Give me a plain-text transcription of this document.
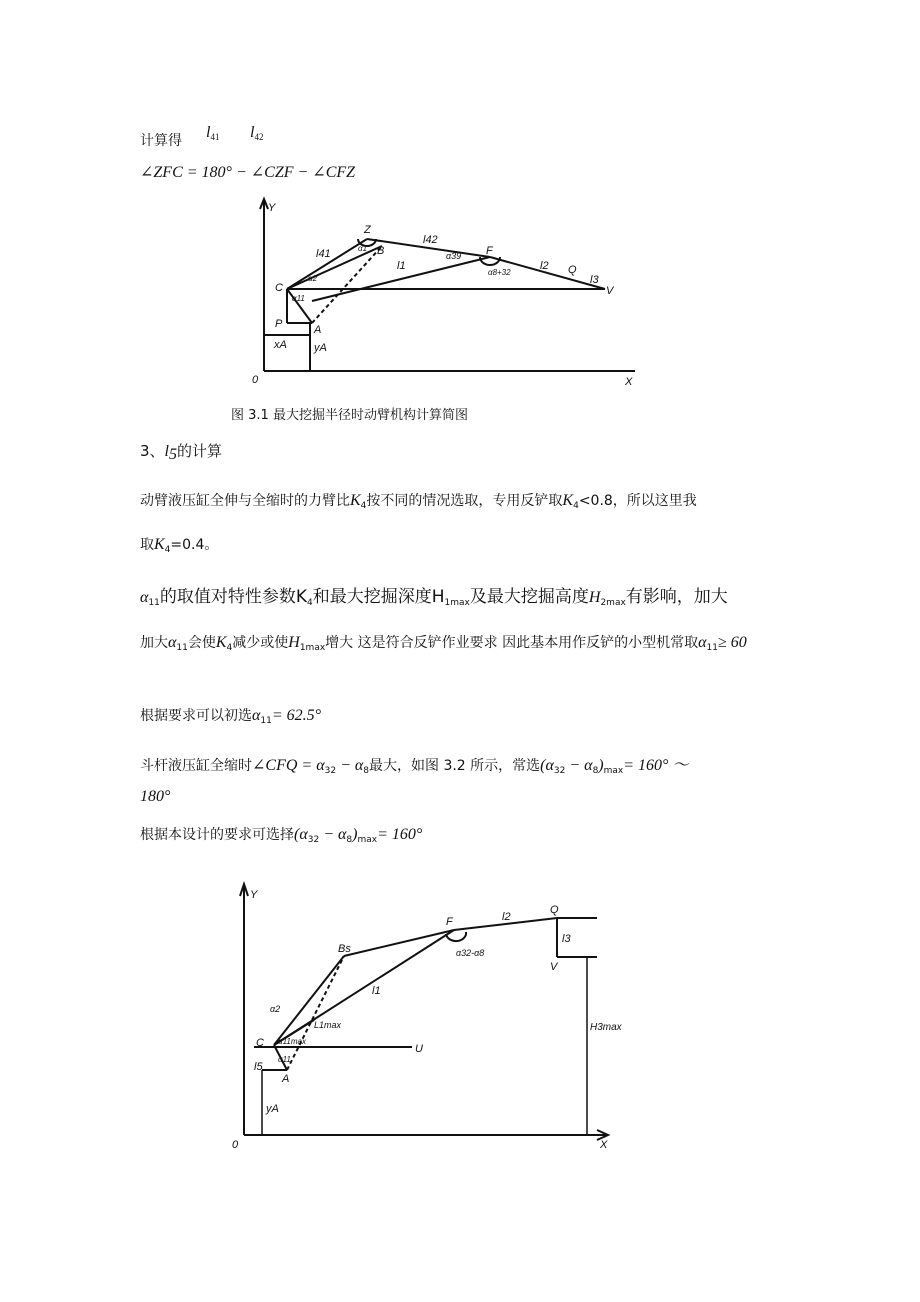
计算得 $l_{41}$ $l_{42}$
∠ZFC = 180° − ∠CZF − ∠CFZ
Y
0	X
Z
B	F
Q
V
C
P	A
l41
l42
l1	l2
l3
α1
α2
α11
α39
α8+32
xA yA
图 3.1 最大挖掘半径时动臂机构计算简图
3、$l_5$的计算
动臂液压缸全伸与全缩时的力臂比$K_4$按不同的情况选取，专用反铲取$K_4<0.8$，所以这里我
取$K_4=0.4$。
$\alpha_{11}$的取值对特性参数$K_4$和最大挖掘深度$H_{1max}$及最大挖掘高度$H_{2max}$有影响，加大
加大$\alpha_{11}$会使$K_4$减少或使$H_{1max}$增大 这是符合反铲作业要求 因此基本用作反铲的小型机常取$\alpha_{11}\ge 60$
根据要求可以初选$\alpha_{11}= 62.5^\circ$
斗杆液压缸全缩时∠CFQ = $\alpha_{32} - \alpha_8$最大，如图 3.2 所示，常选$(\alpha_{32} - \alpha_8)_{max}= 160^\circ$ ～
180°
根据本设计的要求可选择$(\alpha_{32} - \alpha_8)_{max}= 160^\circ$
Y
0	X
F
Q
l2
l3
V
Bs
l1
α32-α8
α2
L1max
C α11max
U
l5
α11
A
yA
H3max
